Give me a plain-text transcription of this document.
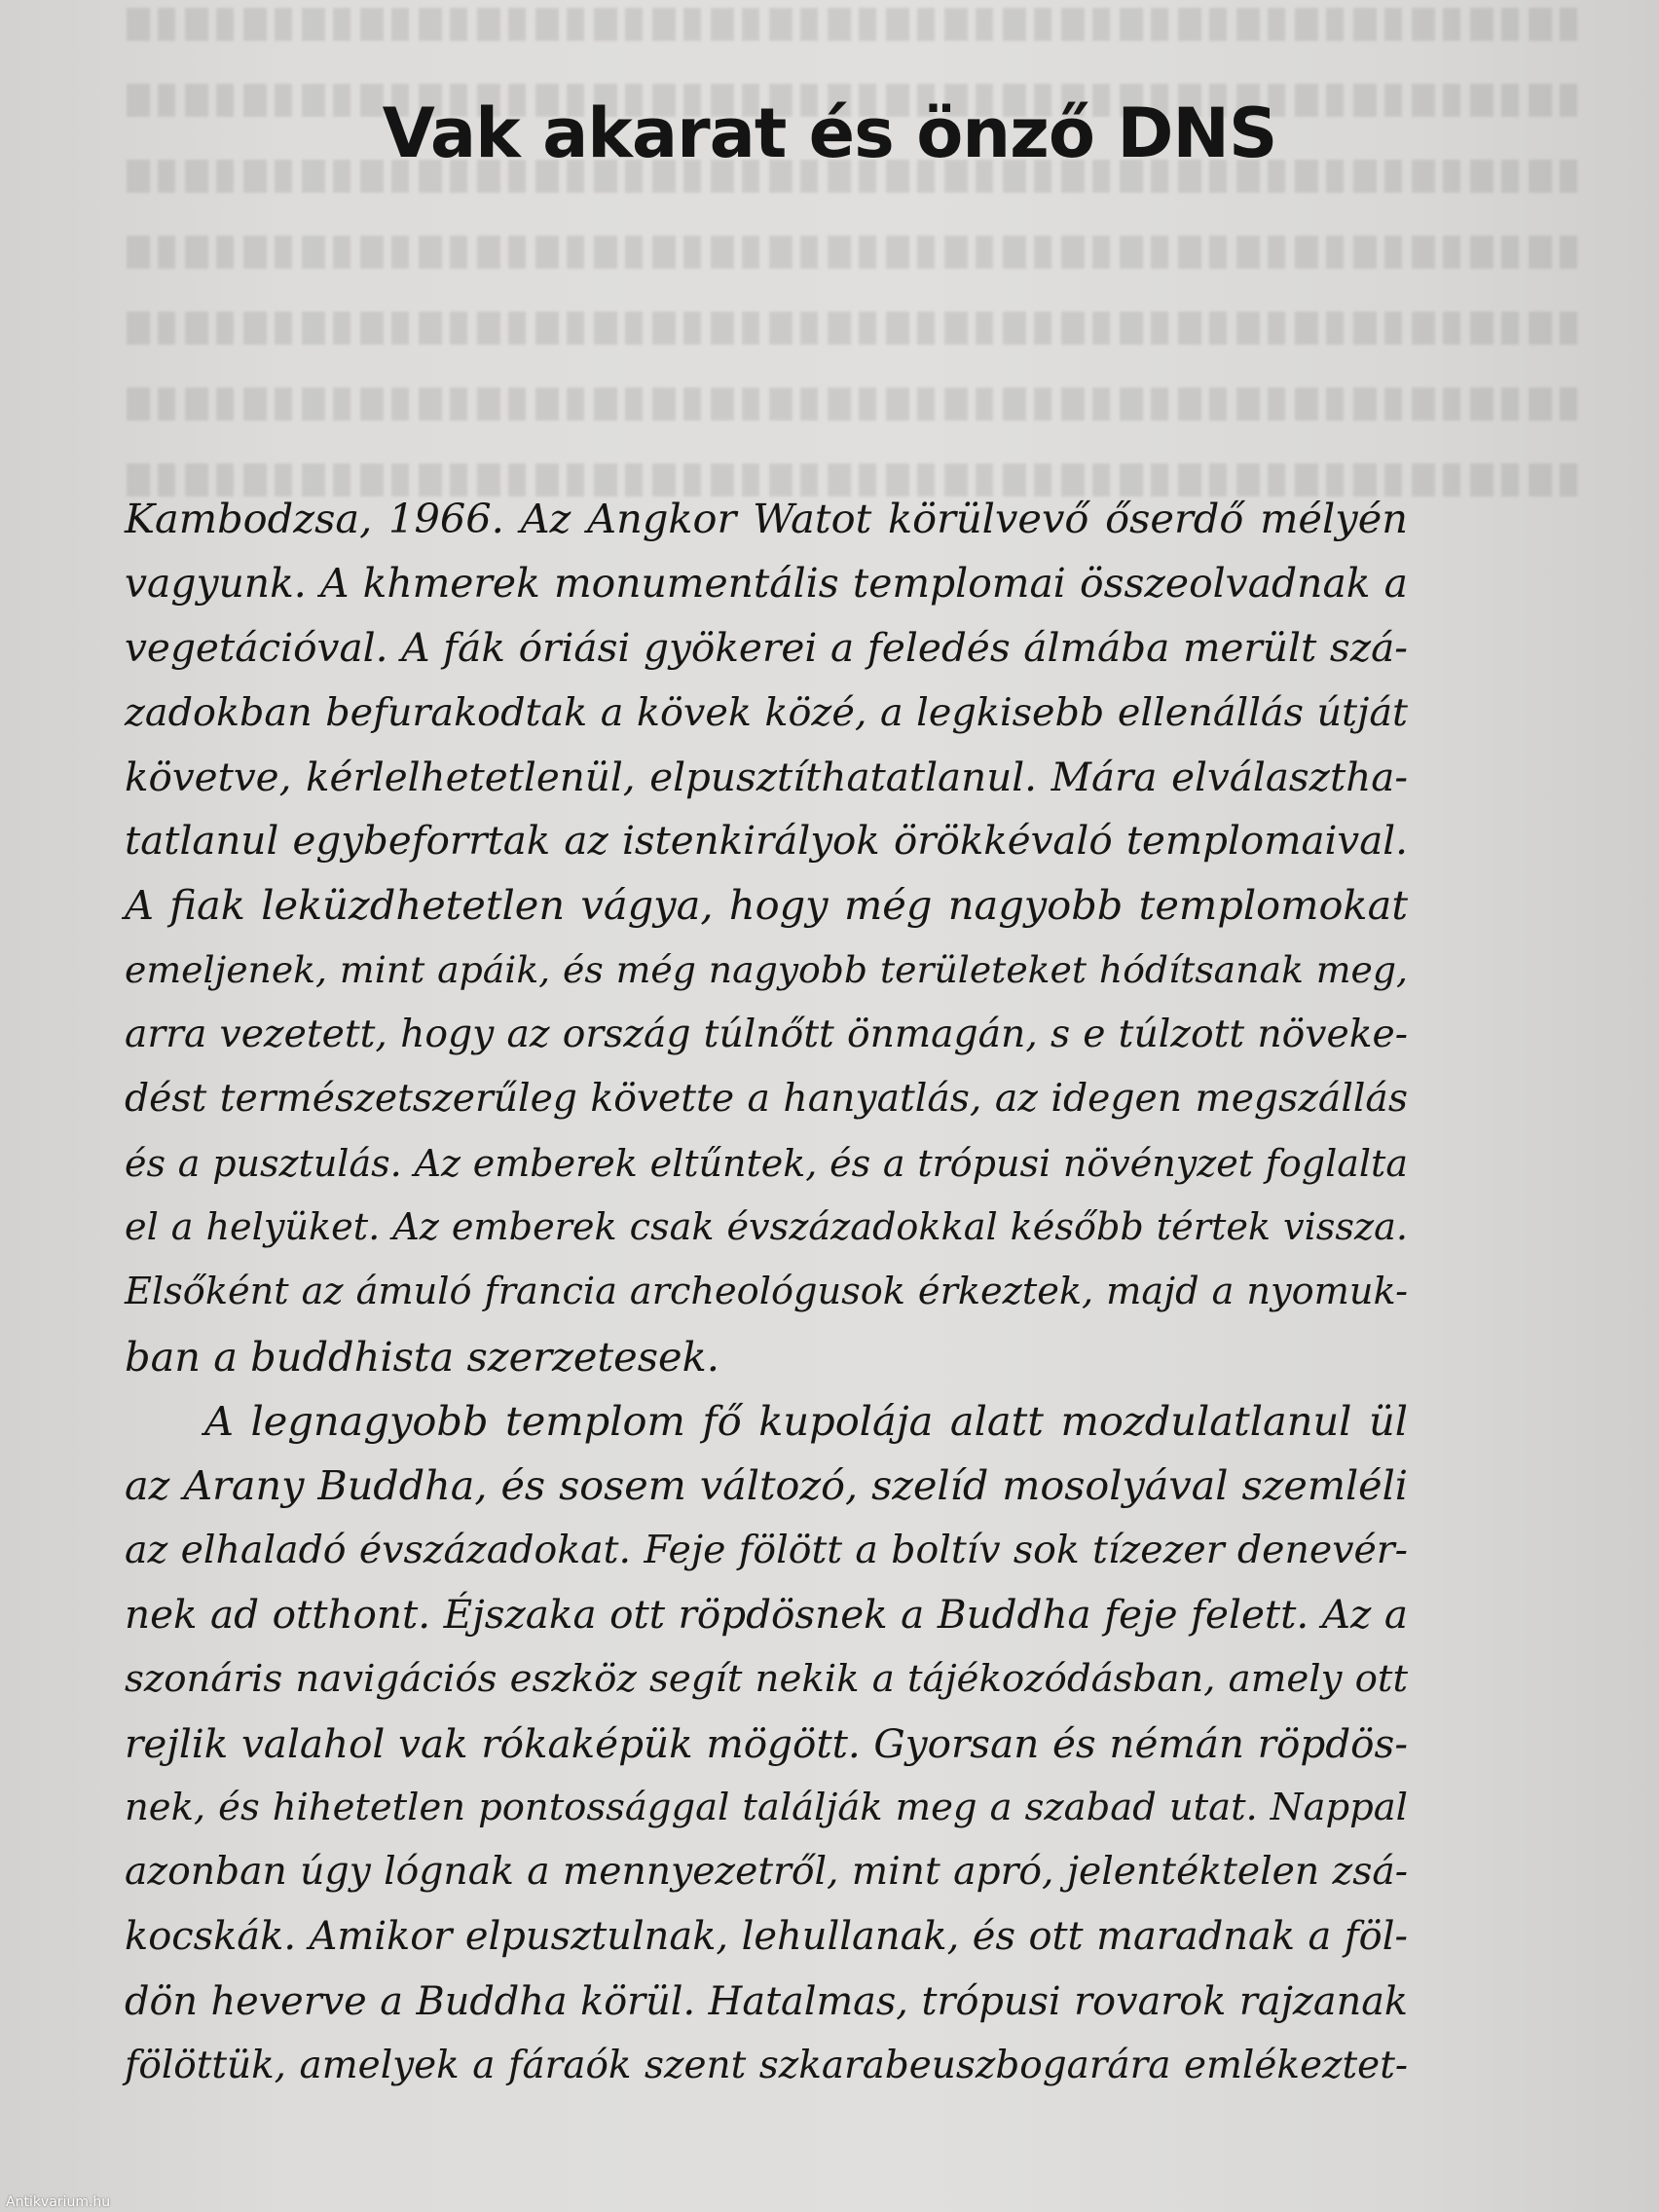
Vak akarat és önző DNS
Kambodzsa, 1966. Az Angkor Watot körülvevő őserdő mélyén
vagyunk. A khmerek monumentális templomai összeolvadnak a
vegetációval. A fák óriási gyökerei a feledés álmába merült szá-
zadokban befurakodtak a kövek közé, a legkisebb ellenállás útját
követve, kérlelhetetlenül, elpusztíthatatlanul. Mára elválasztha-
tatlanul egybeforrtak az istenkirályok örökkévaló templomaival.
A fiak leküzdhetetlen vágya, hogy még nagyobb templomokat
emeljenek, mint apáik, és még nagyobb területeket hódítsanak meg,
arra vezetett, hogy az ország túlnőtt önmagán, s e túlzott növeke-
dést természetszerűleg követte a hanyatlás, az idegen megszállás
és a pusztulás. Az emberek eltűntek, és a trópusi növényzet foglalta
el a helyüket. Az emberek csak évszázadokkal később tértek vissza.
Elsőként az ámuló francia archeológusok érkeztek, majd a nyomuk-
ban a buddhista szerzetesek.
A legnagyobb templom fő kupolája alatt mozdulatlanul ül
az Arany Buddha, és sosem változó, szelíd mosolyával szemléli
az elhaladó évszázadokat. Feje fölött a boltív sok tízezer denevér-
nek ad otthont. Éjszaka ott röpdösnek a Buddha feje felett. Az a
szonáris navigációs eszköz segít nekik a tájékozódásban, amely ott
rejlik valahol vak rókaképük mögött. Gyorsan és némán röpdös-
nek, és hihetetlen pontossággal találják meg a szabad utat. Nappal
azonban úgy lógnak a mennyezetről, mint apró, jelentéktelen zsá-
kocskák. Amikor elpusztulnak, lehullanak, és ott maradnak a föl-
dön heverve a Buddha körül. Hatalmas, trópusi rovarok rajzanak
fölöttük, amelyek a fáraók szent szkarabeuszbogarára emlékeztet-
Antikvarium.hu
